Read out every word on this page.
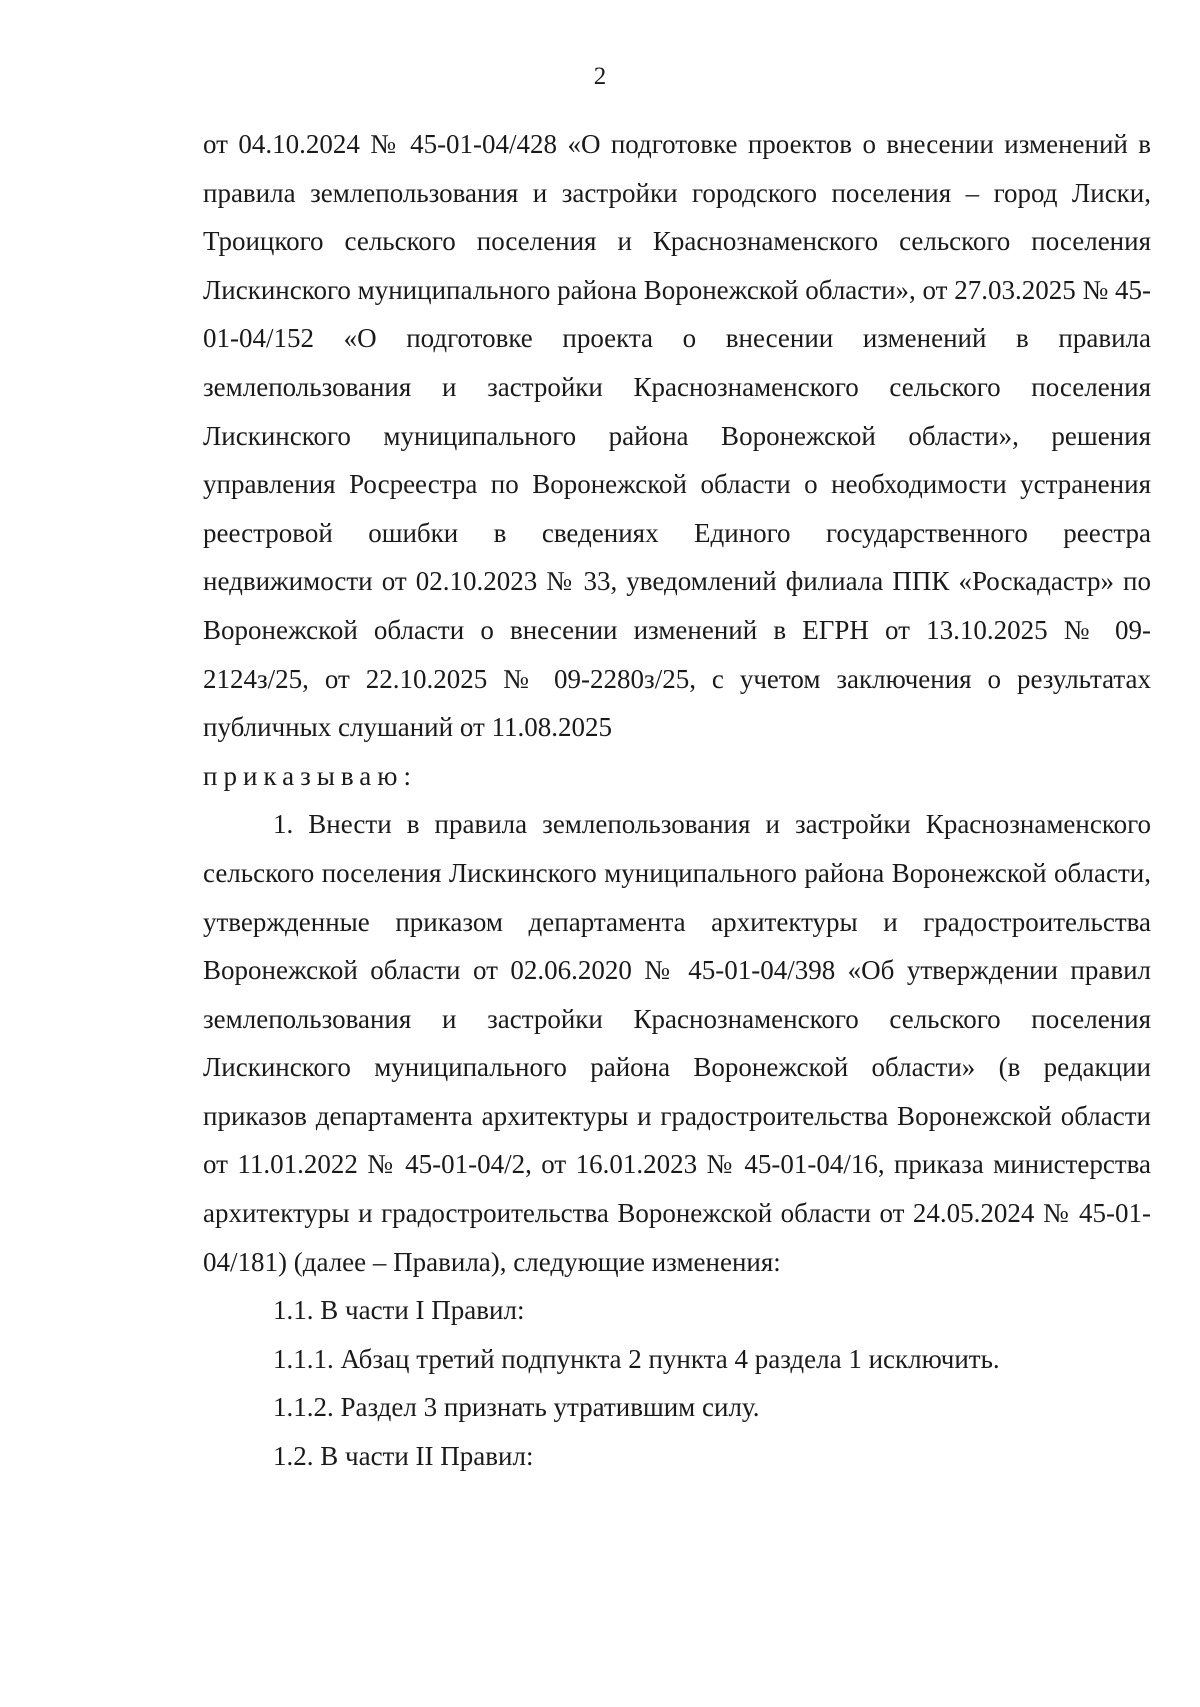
2

от 04.10.2024 № 45-01-04/428 «О подготовке проектов о внесении изменений в правила землепользования и застройки городского поселения – город Лиски, Троицкого сельского поселения и Краснознаменского сельского поселения Лискинского муниципального района Воронежской области», от 27.03.2025 № 45-01-04/152 «О подготовке проекта о внесении изменений в правила землепользования и застройки Краснознаменского сельского поселения Лискинского муниципального района Воронежской области», решения управления Росреестра по Воронежской области о необходимости устранения реестровой ошибки в сведениях Единого государственного реестра недвижимости от 02.10.2023 № 33, уведомлений филиала ППК «Роскадастр» по Воронежской области о внесении изменений в ЕГРН от 13.10.2025 № 09-2124з/25, от 22.10.2025 № 09-2280з/25, с учетом заключения о результатах публичных слушаний от 11.08.2025

приказываю:

1. Внести в правила землепользования и застройки Краснознаменского сельского поселения Лискинского муниципального района Воронежской области, утвержденные приказом департамента архитектуры и градостроительства Воронежской области от 02.06.2020 № 45-01-04/398 «Об утверждении правил землепользования и застройки Краснознаменского сельского поселения Лискинского муниципального района Воронежской области» (в редакции приказов департамента архитектуры и градостроительства Воронежской области от 11.01.2022 № 45-01-04/2, от 16.01.2023 № 45-01-04/16, приказа министерства архитектуры и градостроительства Воронежской области от 24.05.2024 № 45-01-04/181) (далее – Правила), следующие изменения:

1.1. В части I Правил:

1.1.1. Абзац третий подпункта 2 пункта 4 раздела 1 исключить.

1.1.2. Раздел 3 признать утратившим силу.

1.2. В части II Правил:
